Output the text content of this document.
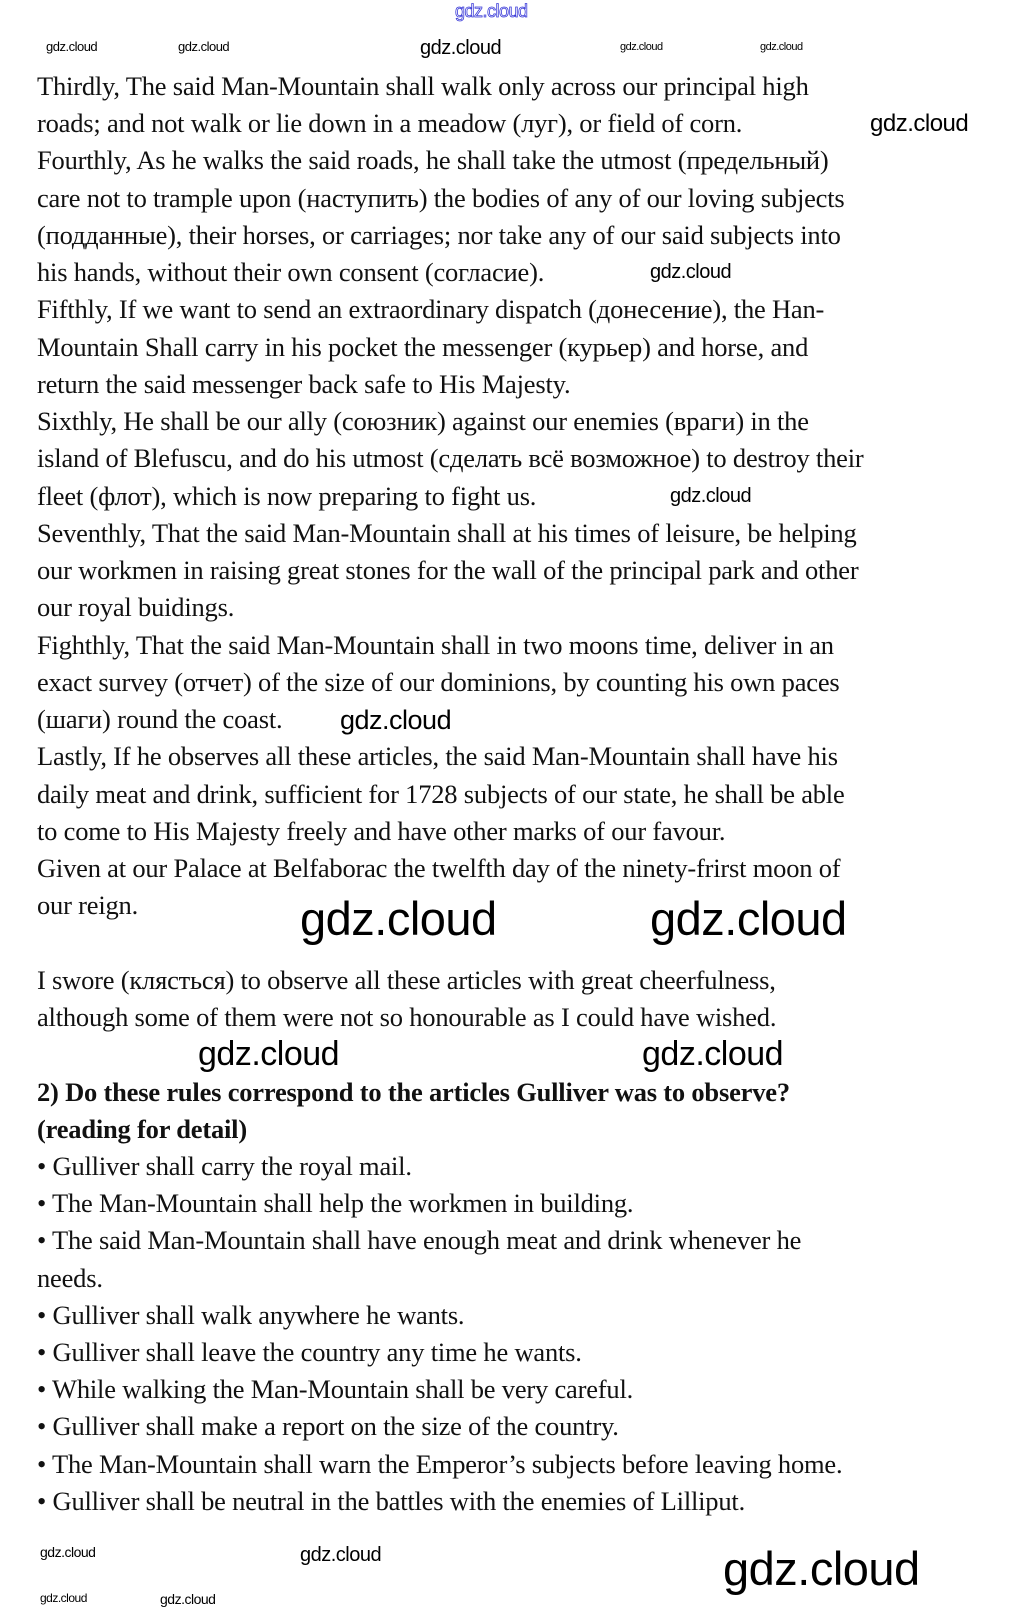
Thirdly, The said Man-Mountain shall walk only across our principal high
roads; and not walk or lie down in a meadow (луг), or field of corn.
Fourthly, As he walks the said roads, he shall take the utmost (предельный)
care not to trample upon (наступить) the bodies of any of our loving subjects
(подданные), their horses, or carriages; nor take any of our said subjects into
his hands, without their own consent (согласие).
Fifthly, If we want to send an extraordinary dispatch (донесение), the Han-
Mountain Shall carry in his pocket the messenger (курьер) and horse, and
return the said messenger back safe to His Majesty.
Sixthly, He shall be our ally (союзник) against our enemies (враги) in the
island of Blefuscu, and do his utmost (сделать всё возможное) to destroy their
fleet (флот), which is now preparing to fight us.
Seventhly, That the said Man-Mountain shall at his times of leisure, be helping
our workmen in raising great stones for the wall of the principal park and other
our royal buidings.
Fighthly, That the said Man-Mountain shall in two moons time, deliver in an
exact survey (отчет) of the size of our dominions, by counting his own paces
(шаги) round the coast.
Lastly, If he observes all these articles, the said Man-Mountain shall have his
daily meat and drink, sufficient for 1728 subjects of our state, he shall be able
to come to His Majesty freely and have other marks of our favour.
Given at our Palace at Belfaborac the twelfth day of the ninety-frirst moon of
our reign.
I swore (клясться) to observe all these articles with great cheerfulness,
although some of them were not so honourable as I could have wished.
2) Do these rules correspond to the articles Gulliver was to observe?
(reading for detail)
• Gulliver shall carry the royal mail.
• The Man-Mountain shall help the workmen in building.
• The said Man-Mountain shall have enough meat and drink whenever he
needs.
• Gulliver shall walk anywhere he wants.
• Gulliver shall leave the country any time he wants.
• While walking the Man-Mountain shall be very careful.
• Gulliver shall make a report on the size of the country.
• The Man-Mountain shall warn the Emperor’s subjects before leaving home.
• Gulliver shall be neutral in the battles with the enemies of Lilliput.
gdz.cloud
gdz.cloud	gdz.cloud	gdz.cloud	gdz.cloud	gdz.cloud
gdz.cloud
gdz.cloud
gdz.cloud
gdz.cloud
gdz.cloud	gdz.cloud
gdz.cloud	gdz.cloud
gdz.cloud	gdz.cloud	gdz.cloud
gdz.cloud	gdz.cloud
